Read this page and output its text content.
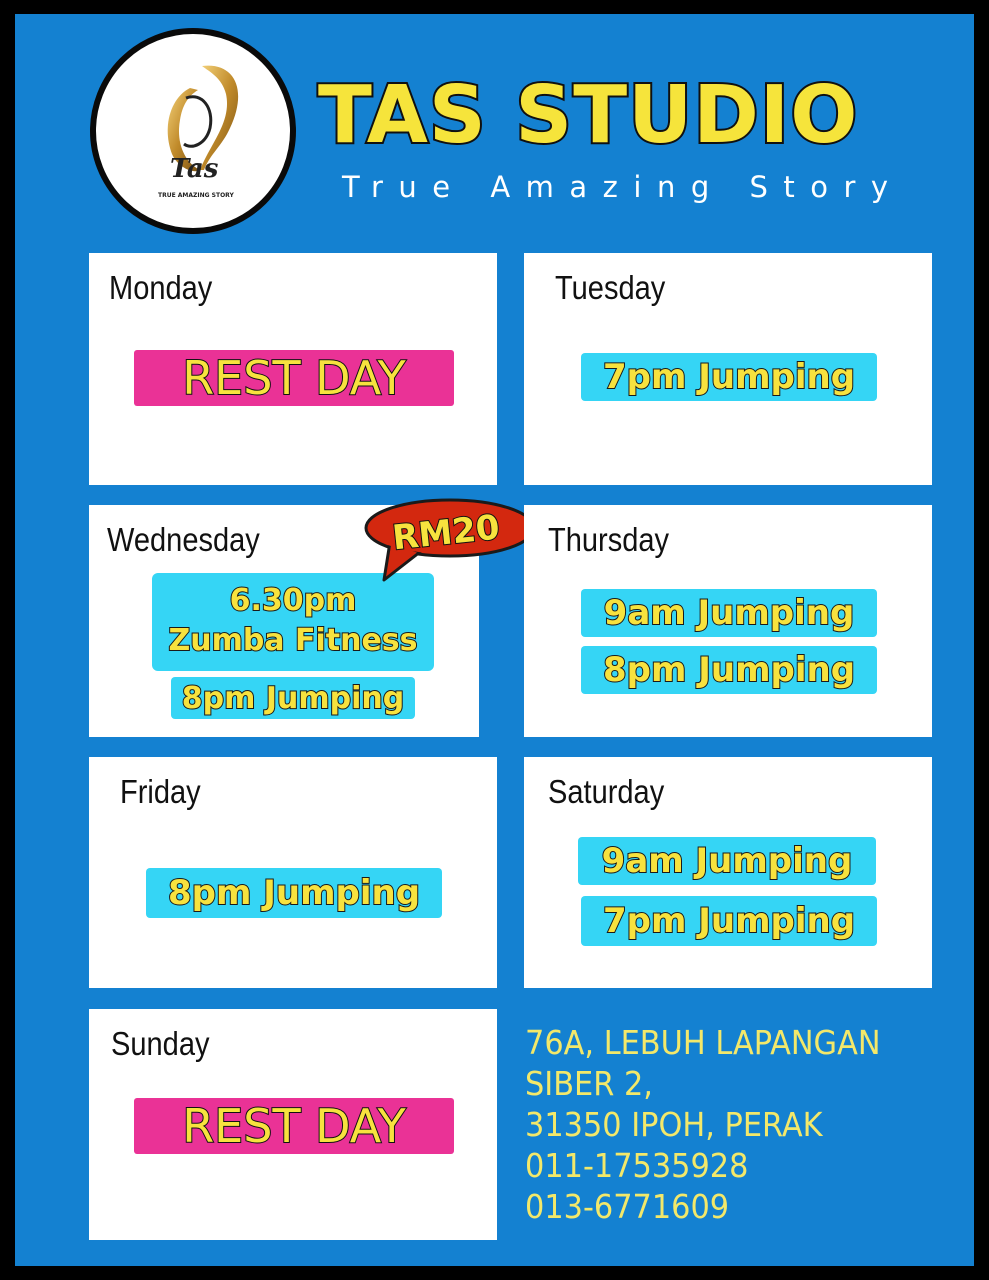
Tas
TRUE AMAZING STORY
TAS STUDIO
True Amazing Story
Monday
REST DAY
Tuesday
7pm Jumping
Wednesday
6.30pm
Zumba Fitness
8pm Jumping
RM20 Thursday
9am Jumping
8pm Jumping
Friday
8pm Jumping
Saturday
9am Jumping
7pm Jumping
Sunday
REST DAY
76A, LEBUH LAPANGAN
SIBER 2,
31350 IPOH, PERAK
011-17535928
013-6771609
